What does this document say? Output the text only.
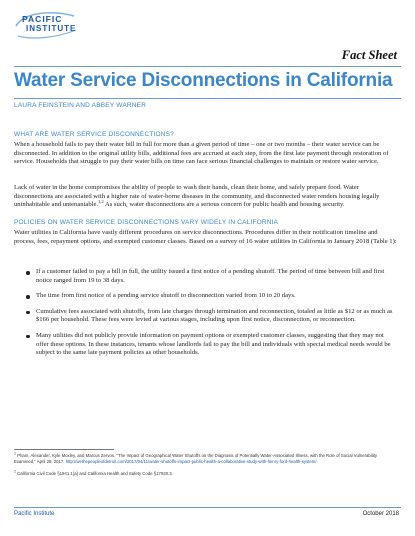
PACIFIC
INSTITUTE
Fact Sheet
Water Service Disconnections in California
LAURA FEINSTEIN AND ABBEY WARNER
WHAT ARE WATER SERVICE DISCONNECTIONS?

When a household fails to pay their water bill in full for more than a given period of time – one or two months – their water service can be disconnected. In addition to the original utility bills, additional fees are accrued at each step, from the first late payment through restoration of service. Households that struggle to pay their water bills on time can face serious financial challenges to maintain or restore water service.

Lack of water in the home compromises the ability of people to wash their hands, clean their home, and safely prepare food. Water disconnections are associated with a higher rate of water-borne diseases in the community, and disconnected water renders housing legally uninhabitable and untenantable.$^{1,2}$ As such, water disconnections are a serious concern for public health and housing security.

POLICIES ON WATER SERVICE DISCONNECTIONS VARY WIDELY IN CALIFORNIA

Water utilities in California have vastly different procedures on service disconnections. Procedures differ in their notification timeline and process, fees, repayment options, and exempted customer classes. Based on a survey of 16 water utilities in California in January 2018 (Table 1):

If a customer failed to pay a bill in full, the utility issued a first notice of a pending shutoff. The period of time between bill and first notice ranged from 19 to 38 days.
The time from first notice of a pending service shutoff to disconnection varied from 10 to 20 days.
Cumulative fees associated with shutoffs, from late charges through termination and reconnection, totaled as little as $12 or as much as $166 per household. These fees were levied at various stages, including upon first notice, disconnection, or reconnection.
Many utilities did not publicly provide information on payment options or exempted customer classes, suggesting that they may not offer these options. In these instances, tenants whose landlords fail to pay the bill and individuals with special medical needs would be subject to the same late payment policies as other households.

$^1$ Pham, Alexander, Kyle Moxley, and Marcus Zervos. "The Impact of Geographical Water Shutoffs on the Diagnosis of Potentially Water-Associated Illness, with the Role of Social Vulnerability Examined," April 28, 2017. http://wethepeopleofdetroit.com/2017/04/11/water-shutoffs-impact-public-health-a-collaborative-study-with-henry-ford-health-system/.

$^2$ California Civil Code §1941.1(a) and California Health and Safety Code §17920.3.

Pacific Institute	October 2018
